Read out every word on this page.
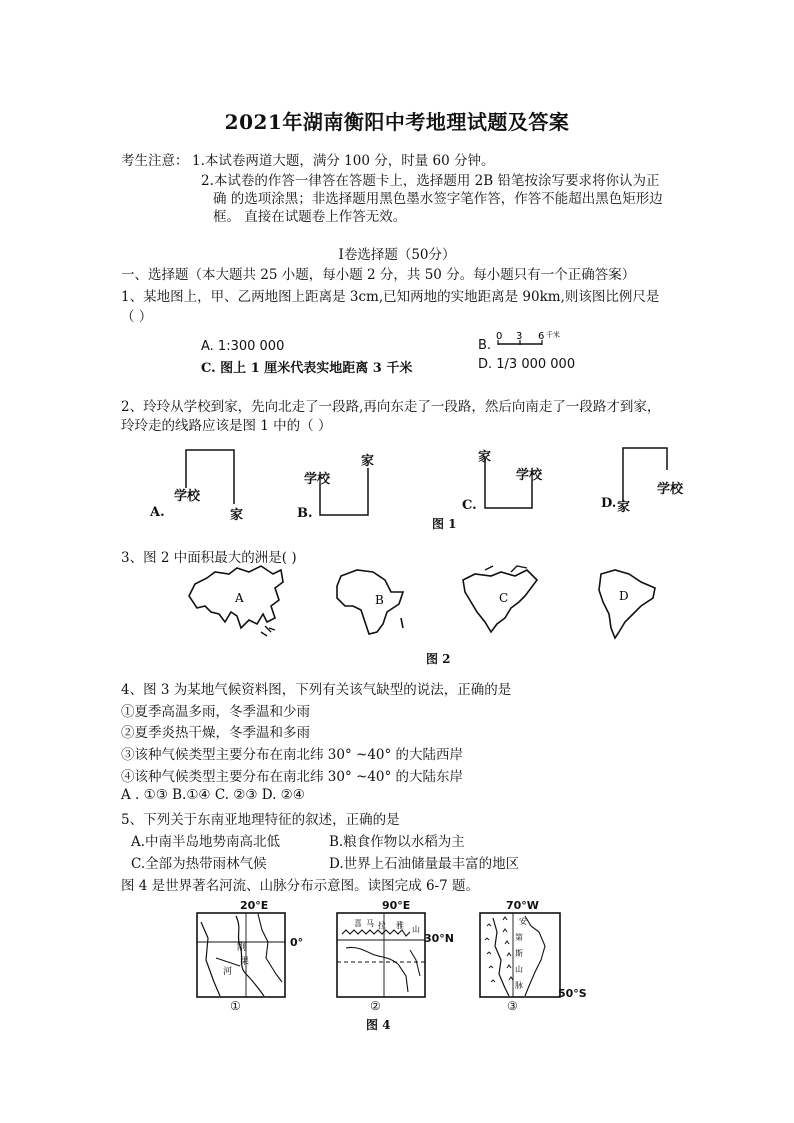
2021年湖南衡阳中考地理试题及答案
考生注意： 1.本试卷两道大题，满分 100 分，时量 60 分钟。
2.本试卷的作答一律答在答题卡上，选择题用 2B 铅笔按涂写要求将你认为正
确 的选项涂黑；非选择题用黑色墨水签字笔作答，作答不能超出黑色矩形边
框。 直接在试题卷上作答无效。
I卷选择题（50分）
一、选择题（本大题共 25 小题，每小题 2 分，共 50 分。每小题只有一个正确答案）
1、某地图上，甲、乙两地图上距离是 3cm,已知两地的实地距离是 90km,则该图比例尺是
（ ）
A. 1:300 000	B.
0 3 6 千米
C. 图上 1 厘米代表实地距离 3 千米	D. 1/3 000 000
2、玲玲从学校到家，先向北走了一段路,再向东走了一段路，然后向南走了一段路才到家，
玲玲走的线路应该是图 1 中的（ ）
A.
学校
家	B.
学校
家
C.
家
学校
D. 家
学校
图 1
3、图 2 中面积最大的洲是( )
A	B	C	D
图 2
4、图 3 为某地气候资料图，下列有关该气缺型的说法，正确的是
①夏季高温多雨，冬季温和少雨
②夏季炎热干燥，冬季温和多雨
③该种气候类型主要分布在南北纬 30° ~40° 的大陆西岸
④该种气候类型主要分布在南北纬 30° ~40° 的大陆东岸
A . ①③ B.①④ C. ②③ D. ②④
5、下列关于东南亚地理特征的叙述，正确的是
A.中南半岛地势南高北低	B.粮食作物以水稻为主
C.全部为热带雨林气候	D.世界上石油储量最丰富的地区
图 4 是世界著名河流、山脉分布示意图。读图完成 6-7 题。
20°E
0°
刚
果
河
①
90°E
30°N
喜 马 拉 雅 山
②
70°W
50°S
安
第
斯
山
脉
③
图 4
